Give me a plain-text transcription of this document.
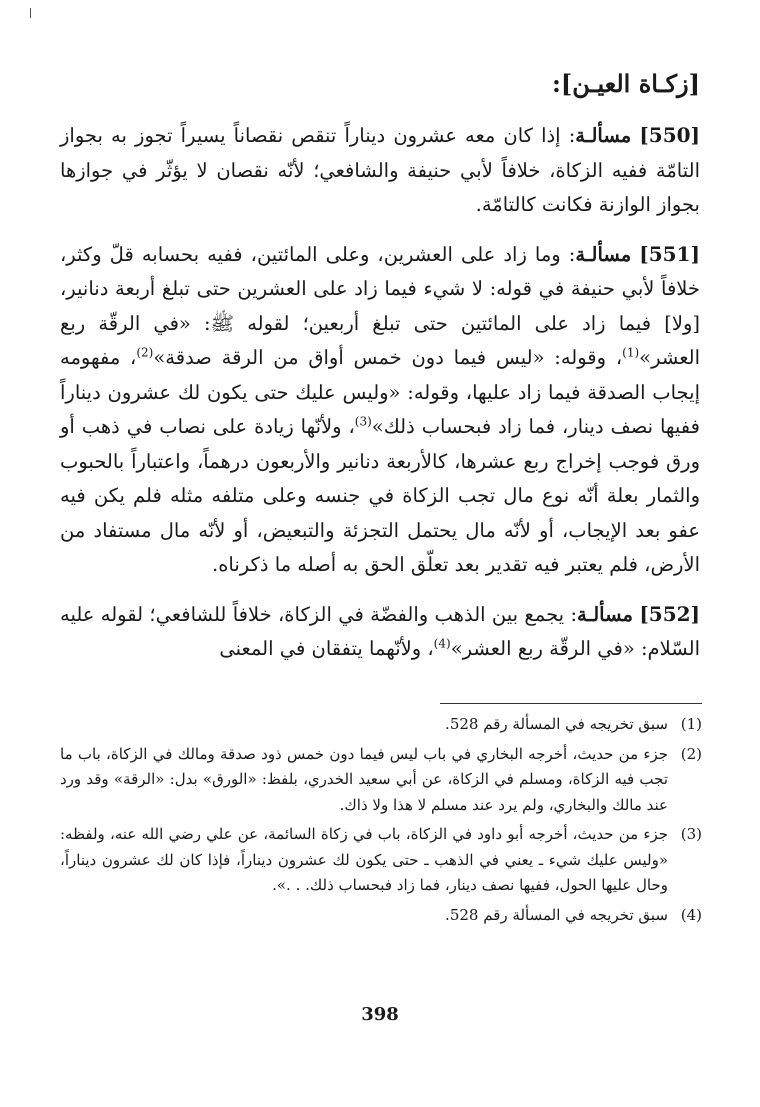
[زكـاة العيـن]:

[550] مسألـة: إذا كان معه عشرون ديناراً تنقص نقصاناً يسيراً تجوز به بجواز التامّة ففيه الزكاة، خلافاً لأبي حنيفة والشافعي؛ لأنّه نقصان لا يؤثّر في جوازها بجواز الوازنة فكانت كالتامّة.

[551] مسألـة: وما زاد على العشرين، وعلى المائتين، ففيه بحسابه قلّ وكثر، خلافاً لأبي حنيفة في قوله: لا شيء فيما زاد على العشرين حتى تبلغ أربعة دنانير، [ولا] فيما زاد على المائتين حتى تبلغ أربعين؛ لقوله ﷺ: «في الرقّة ربع العشر»$^{(1)}$، وقوله: «ليس فيما دون خمس أواق من الرقة صدقة»$^{(2)}$، مفهومه إيجاب الصدقة فيما زاد عليها، وقوله: «وليس عليك حتى يكون لك عشرون ديناراً ففيها نصف دينار، فما زاد فبحساب ذلك»$^{(3)}$، ولأنّها زيادة على نصاب في ذهب أو ورق فوجب إخراج ربع عشرها، كالأربعة دنانير والأربعون درهماً، واعتباراً بالحبوب والثمار بعلة أنّه نوع مال تجب الزكاة في جنسه وعلى متلفه مثله فلم يكن فيه عفو بعد الإيجاب، أو لأنّه مال يحتمل التجزئة والتبعيض، أو لأنّه مال مستفاد من الأرض، فلم يعتبر فيه تقدير بعد تعلّق الحق به أصله ما ذكرناه.

[552] مسألـة: يجمع بين الذهب والفضّة في الزكاة، خلافاً للشافعي؛ لقوله عليه السّلام: «في الرقّة ربع العشر»$^{(4)}$، ولأنّهما يتفقان في المعنى

(1)
سبق تخريجه في المسألة رقم 528.
(2)
جزء من حديث، أخرجه البخاري في باب ليس فيما دون خمس ذود صدقة ومالك في الزكاة، باب ما تجب فيه الزكاة، ومسلم في الزكاة، عن أبي سعيد الخدري، بلفظ: «الورق» بدل: «الرقة» وقد ورد عند مالك والبخاري، ولم يرد عند مسلم لا هذا ولا ذاك.
(3)
جزء من حديث، أخرجه أبو داود في الزكاة، باب في زكاة السائمة، عن علي رضي الله عنه، ولفظه: «وليس عليك شيء ـ يعني في الذهب ـ حتى يكون لك عشرون ديناراً، فإذا كان لك عشرون ديناراً، وحال عليها الحول، ففيها نصف دينار، فما زاد فبحساب ذلك. . .».
(4)
سبق تخريجه في المسألة رقم 528.
398
